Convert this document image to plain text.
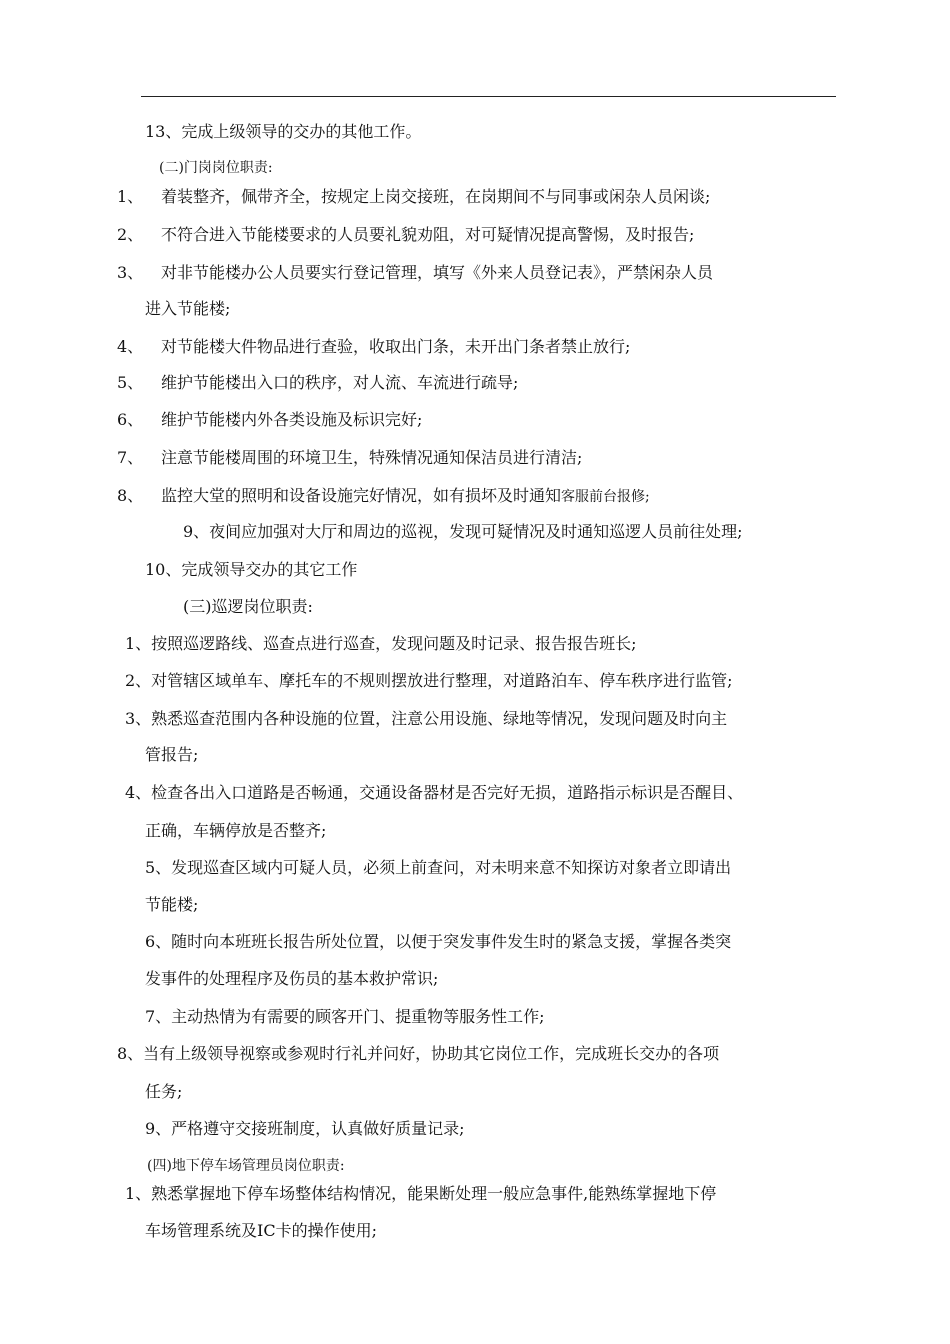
13、完成上级领导的交办的其他工作。
(二)门岗岗位职责:
1、 着装整齐，佩带齐全，按规定上岗交接班，在岗期间不与同事或闲杂人员闲谈;
2、 不符合进入节能楼要求的人员要礼貌劝阻，对可疑情况提高警惕，及时报告;
3、 对非节能楼办公人员要实行登记管理，填写《外来人员登记表》，严禁闲杂人员
进入节能楼;
4、 对节能楼大件物品进行查验，收取出门条，未开出门条者禁止放行;
5、 维护节能楼出入口的秩序，对人流、车流进行疏导;
6、 维护节能楼内外各类设施及标识完好;
7、 注意节能楼周围的环境卫生，特殊情况通知保洁员进行清洁;
8、 监控大堂的照明和设备设施完好情况，如有损坏及时通知客服前台报修;
9、夜间应加强对大厅和周边的巡视，发现可疑情况及时通知巡逻人员前往处理;
10、完成领导交办的其它工作
(三)巡逻岗位职责:
1、按照巡逻路线、巡查点进行巡查，发现问题及时记录、报告报告班长;
2、对管辖区域单车、摩托车的不规则摆放进行整理，对道路泊车、停车秩序进行监管;
3、熟悉巡查范围内各种设施的位置，注意公用设施、绿地等情况，发现问题及时向主
管报告;
4、检查各出入口道路是否畅通，交通设备器材是否完好无损，道路指示标识是否醒目、
正确，车辆停放是否整齐;
5、发现巡查区域内可疑人员，必须上前查问，对未明来意不知探访对象者立即请出
节能楼;
6、随时向本班班长报告所处位置，以便于突发事件发生时的紧急支援，掌握各类突
发事件的处理程序及伤员的基本救护常识;
7、主动热情为有需要的顾客开门、提重物等服务性工作;
8、当有上级领导视察或参观时行礼并问好，协助其它岗位工作，完成班长交办的各项
任务;
9、严格遵守交接班制度，认真做好质量记录;
(四)地下停车场管理员岗位职责:
1、熟悉掌握地下停车场整体结构情况，能果断处理一般应急事件,能熟练掌握地下停
车场管理系统及IC卡的操作使用;
